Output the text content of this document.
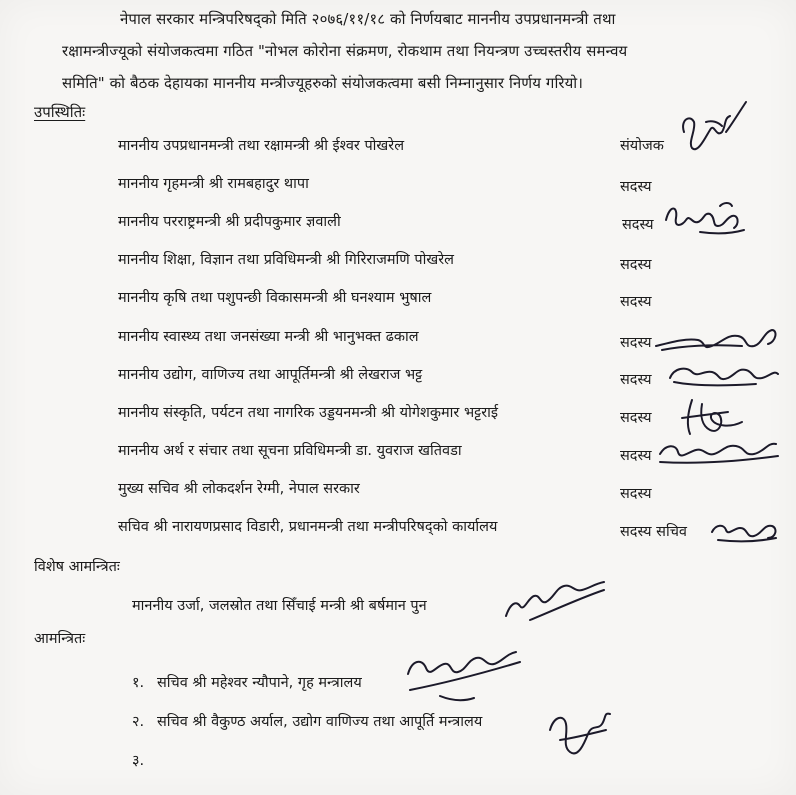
नेपाल सरकार मन्त्रिपरिषद्को मिति २०७६/११/१८ को निर्णयबाट माननीय उपप्रधानमन्त्री तथा
रक्षामन्त्रीज्यूको संयोजकत्वमा गठित "नोभल कोरोना संक्रमण, रोकथाम तथा नियन्त्रण उच्चस्तरीय समन्वय
समिति" को बैठक देहायका माननीय मन्त्रीज्यूहरुको संयोजकत्वमा बसी निम्नानुसार निर्णय गरियो।
उपस्थितिः
माननीय उपप्रधानमन्त्री तथा रक्षामन्त्री श्री ईश्वर पोखरेल	संयोजक
माननीय गृहमन्त्री श्री रामबहादुर थापा	सदस्य
माननीय परराष्ट्रमन्त्री श्री प्रदीपकुमार ज्ञवाली	सदस्य
माननीय शिक्षा, विज्ञान तथा प्रविधिमन्त्री श्री गिरिराजमणि पोखरेल	सदस्य
माननीय कृषि तथा पशुपन्छी विकासमन्त्री श्री घनश्याम भुषाल	सदस्य
माननीय स्वास्थ्य तथा जनसंख्या मन्त्री श्री भानुभक्त ढकाल	सदस्य
माननीय उद्योग, वाणिज्य तथा आपूर्तिमन्त्री श्री लेखराज भट्ट	सदस्य
माननीय संस्कृति, पर्यटन तथा नागरिक उड्डयनमन्त्री श्री योगेशकुमार भट्टराई	सदस्य
माननीय अर्थ र संचार तथा सूचना प्रविधिमन्त्री डा. युवराज खतिवडा	सदस्य
मुख्य सचिव श्री लोकदर्शन रेग्मी, नेपाल सरकार	सदस्य
सचिव श्री नारायणप्रसाद विडारी, प्रधानमन्त्री तथा मन्त्रीपरिषद्को कार्यालय	सदस्य सचिव
विशेष आमन्त्रितः
माननीय उर्जा, जलस्रोत तथा सिँचाई मन्त्री श्री बर्षमान पुन
आमन्त्रितः
१. सचिव श्री महेश्वर न्यौपाने, गृह मन्त्रालय
२. सचिव श्री वैकुण्ठ अर्याल, उद्योग वाणिज्य तथा आपूर्ति मन्त्रालय
३.
